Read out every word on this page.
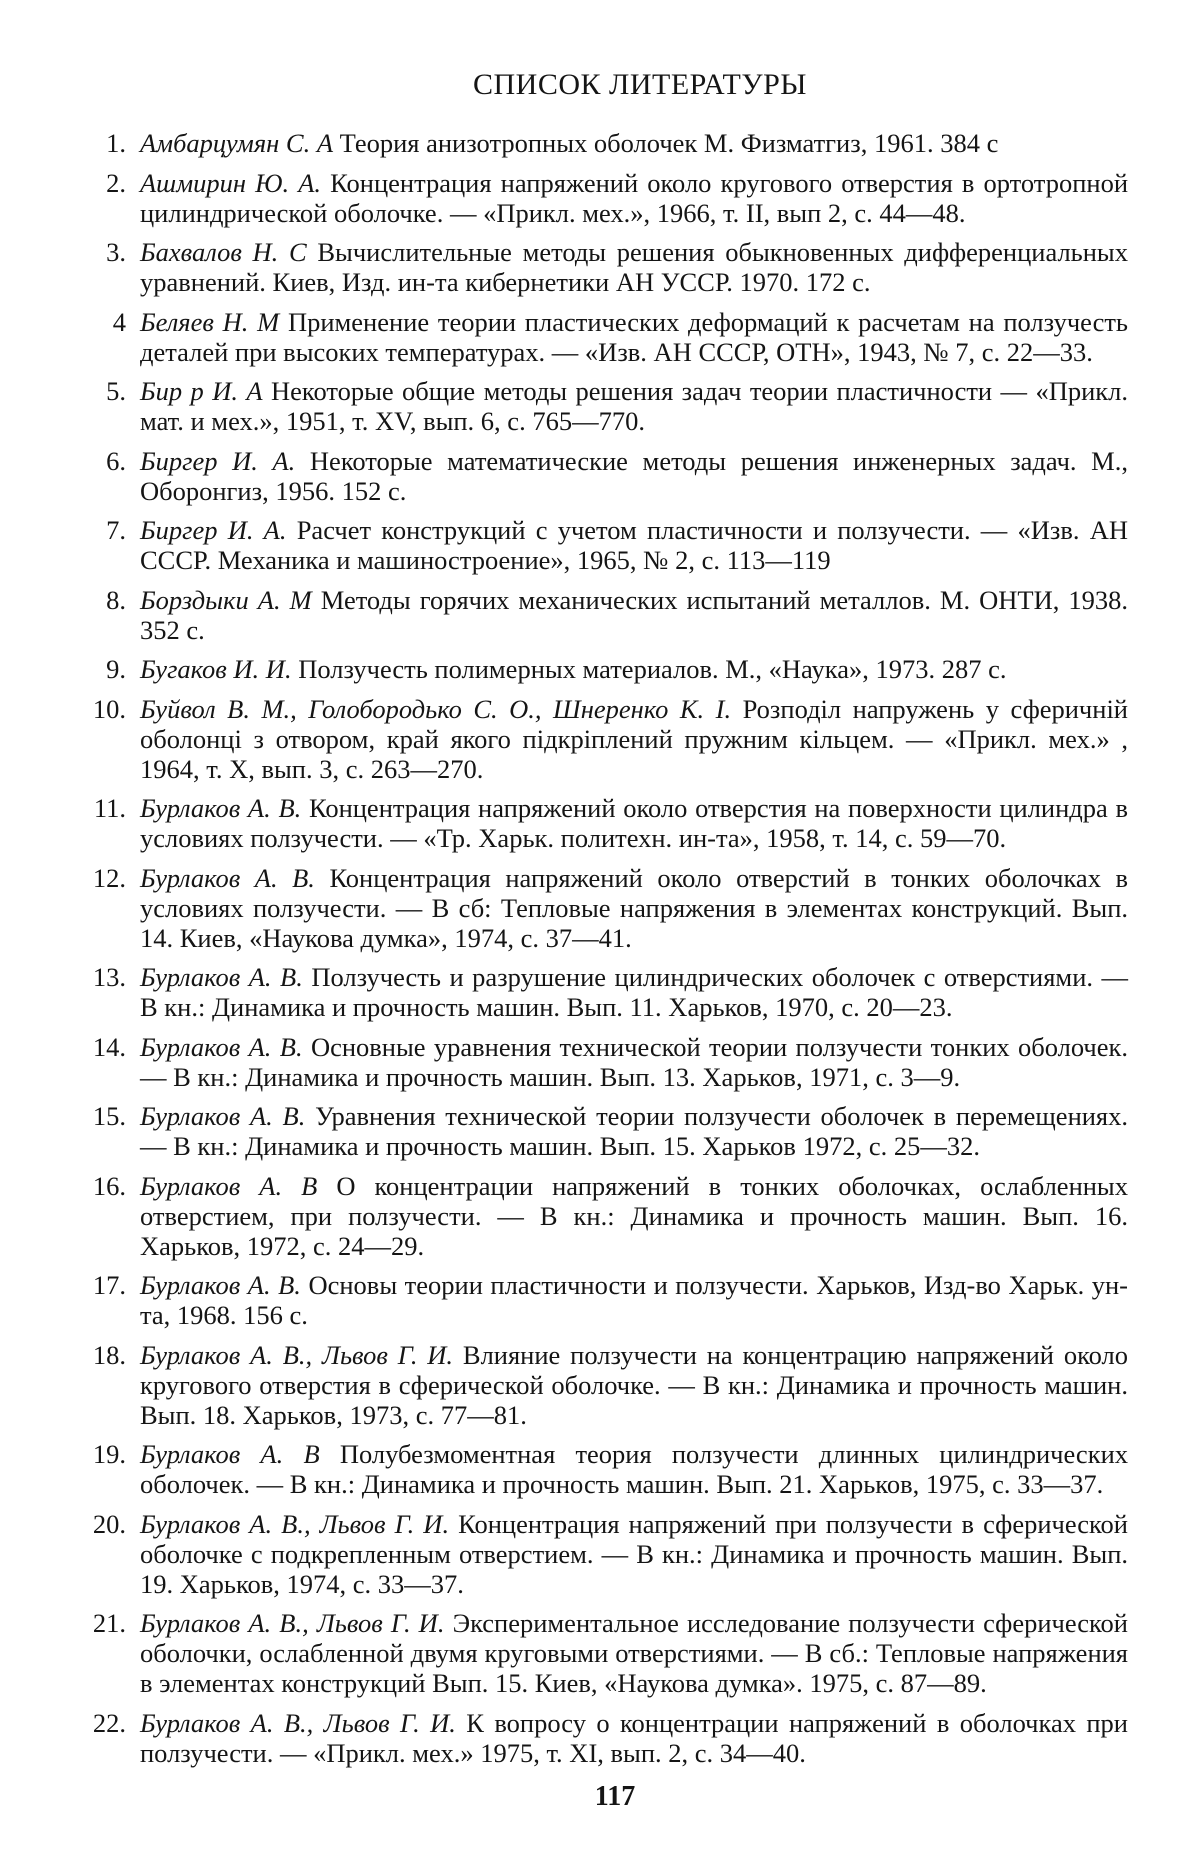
СПИСОК ЛИТЕРАТУРЫ
1. Амбарцумян С. А Теория анизотропных оболочек М. Физматгиз, 1961. 384 с
2. Ашмирин Ю. А. Концентрация напряжений около кругового отверстия в ортотропной цилиндрической оболочке. — «Прикл. мех.», 1966, т. II, вып 2, с. 44—48.
3. Бахвалов Н. С Вычислительные методы решения обыкновенных дифференциальных уравнений. Киев, Изд. ин-та кибернетики АН УССР. 1970. 172 с.
4 Беляев Н. М Применение теории пластических деформаций к расчетам на ползучесть деталей при высоких температурах. — «Изв. АН СССР, ОТН», 1943, № 7, с. 22—33.
5. Бир р И. А Некоторые общие методы решения задач теории пластичности — «Прикл. мат. и мех.», 1951, т. XV, вып. 6, с. 765—770.
6. Биргер И. А. Некоторые математические методы решения инженерных задач. М., Оборонгиз, 1956. 152 с.
7. Биргер И. А. Расчет конструкций с учетом пластичности и ползучести. — «Изв. АН СССР. Механика и машиностроение», 1965, № 2, с. 113—119
8. Борздыки А. М Методы горячих механических испытаний металлов. М. ОНТИ, 1938. 352 с.
9. Бугаков И. И. Ползучесть полимерных материалов. М., «Наука», 1973. 287 с.
10. Буйвол В. М., Голобородько С. О., Шнеренко К. І. Розподіл напружень у сферичній оболонці з отвором, край якого підкріплений пружним кільцем. — «Прикл. мех.» , 1964, т. X, вып. 3, с. 263—270.
11. Бурлаков А. В. Концентрация напряжений около отверстия на поверхности цилиндра в условиях ползучести. — «Тр. Харьк. политехн. ин-та», 1958, т. 14, с. 59—70.
12. Бурлаков А. В. Концентрация напряжений около отверстий в тонких оболочках в условиях ползучести. — В сб: Тепловые напряжения в элементах конструкций. Вып. 14. Киев, «Наукова думка», 1974, с. 37—41.
13. Бурлаков А. В. Ползучесть и разрушение цилиндрических оболочек с отверстиями. — В кн.: Динамика и прочность машин. Вып. 11. Харьков, 1970, с. 20—23.
14. Бурлаков А. В. Основные уравнения технической теории ползучести тонких оболочек. — В кн.: Динамика и прочность машин. Вып. 13. Харьков, 1971, с. 3—9.
15. Бурлаков А. В. Уравнения технической теории ползучести оболочек в перемещениях. — В кн.: Динамика и прочность машин. Вып. 15. Харьков 1972, с. 25—32.
16. Бурлаков А. В О концентрации напряжений в тонких оболочках, ослабленных отверстием, при ползучести. — В кн.: Динамика и прочность машин. Вып. 16. Харьков, 1972, с. 24—29.
17. Бурлаков А. В. Основы теории пластичности и ползучести. Харьков, Изд-во Харьк. ун-та, 1968. 156 с.
18. Бурлаков А. В., Львов Г. И. Влияние ползучести на концентрацию напряжений около кругового отверстия в сферической оболочке. — В кн.: Динамика и прочность машин. Вып. 18. Харьков, 1973, с. 77—81.
19. Бурлаков А. В Полубезмоментная теория ползучести длинных цилиндрических оболочек. — В кн.: Динамика и прочность машин. Вып. 21. Харьков, 1975, с. 33—37.
20. Бурлаков А. В., Львов Г. И. Концентрация напряжений при ползучести в сферической оболочке с подкрепленным отверстием. — В кн.: Динамика и прочность машин. Вып. 19. Харьков, 1974, с. 33—37.
21. Бурлаков А. В., Львов Г. И. Экспериментальное исследование ползучести сферической оболочки, ослабленной двумя круговыми отверстиями. — В сб.: Тепловые напряжения в элементах конструкций Вып. 15. Киев, «Наукова думка». 1975, с. 87—89.
22. Бурлаков А. В., Львов Г. И. К вопросу о концентрации напряжений в оболочках при ползучести. — «Прикл. мех.» 1975, т. XI, вып. 2, с. 34—40.
117
